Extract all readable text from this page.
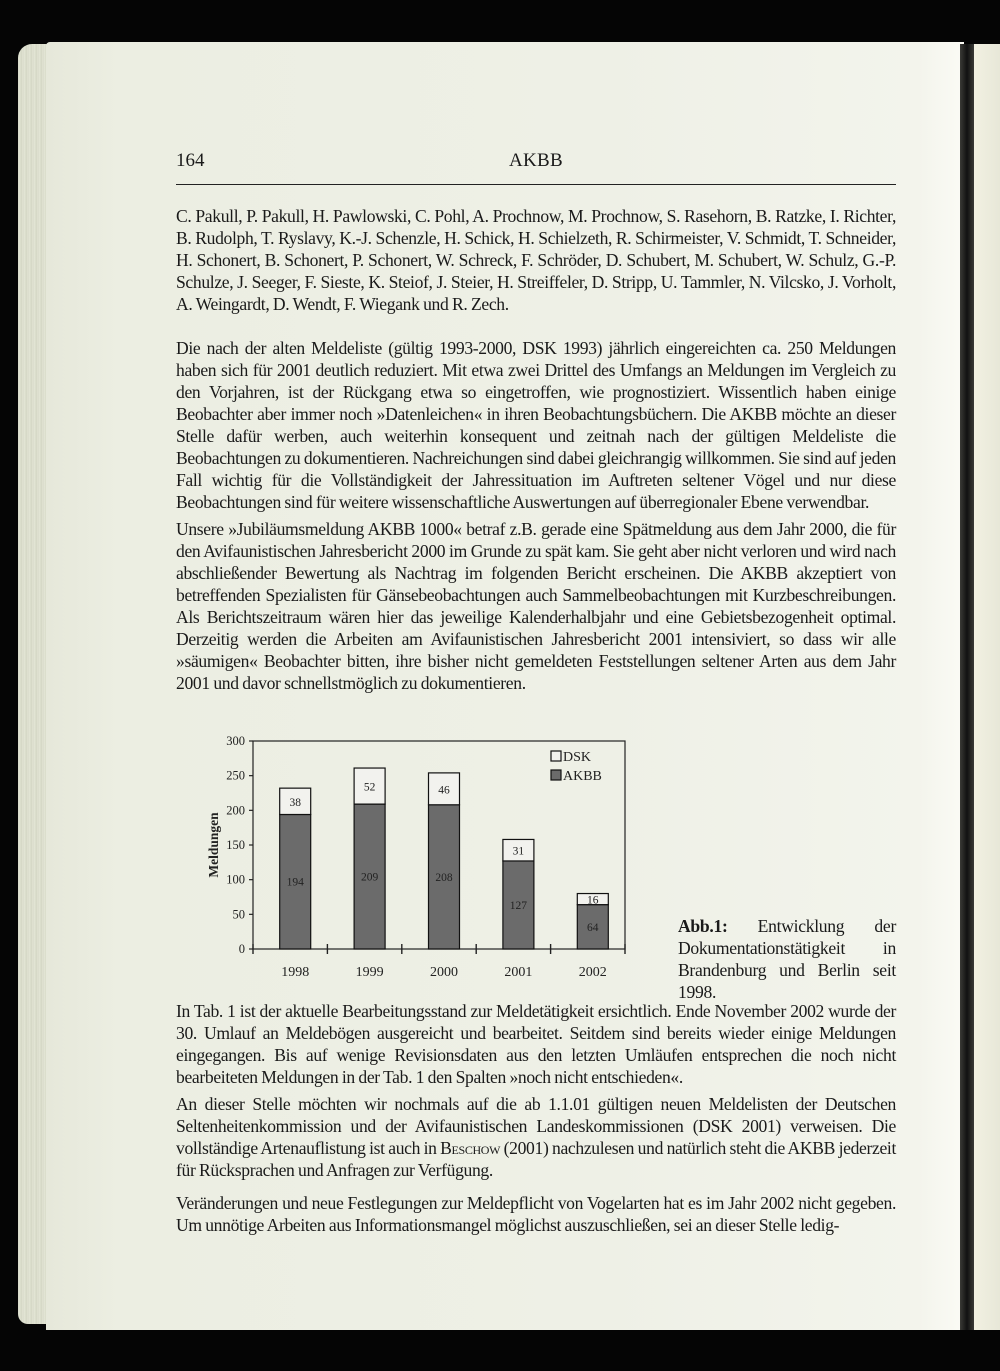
164	AKBB
C. Pakull, P. Pakull, H. Pawlowski, C. Pohl, A. Prochnow, M. Prochnow, S. Rasehorn, B. Ratzke, I. Richter, B. Rudolph, T. Ryslavy, K.-J. Schenzle, H. Schick, H. Schielzeth, R. Schirmeister, V. Schmidt, T. Schneider, H. Schonert, B. Schonert, P. Schonert, W. Schreck, F. Schröder, D. Schubert, M. Schubert, W. Schulz, G.-P. Schulze, J. Seeger, F. Sieste, K. Steiof, J. Steier, H. Streiffeler, D. Stripp, U. Tammler, N. Vilcsko, J. Vorholt, A. Weingardt, D. Wendt, F. Wiegank und R. Zech.
Die nach der alten Meldeliste (gültig 1993-2000, DSK 1993) jährlich eingereichten ca. 250 Meldungen haben sich für 2001 deutlich reduziert. Mit etwa zwei Drittel des Umfangs an Meldungen im Vergleich zu den Vorjahren, ist der Rückgang etwa so eingetroffen, wie prognostiziert. Wissentlich haben einige Beobachter aber immer noch »Datenleichen« in ihren Beobachtungsbüchern. Die AKBB möchte an dieser Stelle dafür werben, auch weiterhin konsequent und zeitnah nach der gültigen Meldeliste die Beobachtungen zu dokumentieren. Nachreichungen sind dabei gleichrangig willkommen. Sie sind auf jeden Fall wichtig für die Vollständigkeit der Jahressituation im Auftreten seltener Vögel und nur diese Beobachtungen sind für weitere wissenschaftliche Auswertungen auf überregionaler Ebene verwendbar.
Unsere »Jubiläumsmeldung AKBB 1000« betraf z.B. gerade eine Spätmeldung aus dem Jahr 2000, die für den Avifaunistischen Jahresbericht 2000 im Grunde zu spät kam. Sie geht aber nicht verloren und wird nach abschließender Bewertung als Nachtrag im folgenden Bericht erscheinen. Die AKBB akzeptiert von betreffenden Spezialisten für Gänsebeobachtungen auch Sammelbeobachtungen mit Kurzbeschreibungen. Als Berichtszeitraum wären hier das jeweilige Kalenderhalbjahr und eine Gebietsbezogenheit optimal. Derzeitig werden die Arbeiten am Avifaunistischen Jahresbericht 2001 intensiviert, so dass wir alle »säumigen« Beobachter bitten, ihre bisher nicht gemeldeten Feststellungen seltener Arten aus dem Jahr 2001 und davor schnellstmöglich zu dokumentieren.
0
50
100
150
200
250
300
Meldungen
194
38
1998
209
52
1999
208
46
2000
127
31
2001
64
16
2002
DSK
AKBB
Abb.1: Entwicklung der Dokumentationstätigkeit in Brandenburg und Berlin seit 1998.
In Tab. 1 ist der aktuelle Bearbeitungsstand zur Meldetätigkeit ersichtlich. Ende November 2002 wurde der 30. Umlauf an Meldebögen ausgereicht und bearbeitet. Seitdem sind bereits wieder einige Meldungen eingegangen. Bis auf wenige Revisionsdaten aus den letzten Umläufen entsprechen die noch nicht bearbeiteten Meldungen in der Tab. 1 den Spalten »noch nicht entschieden«.
An dieser Stelle möchten wir nochmals auf die ab 1.1.01 gültigen neuen Meldelisten der Deutschen Seltenheitenkommission und der Avifaunistischen Landeskommissionen (DSK 2001) verweisen. Die vollständige Artenauflistung ist auch in Beschow (2001) nachzulesen und natürlich steht die AKBB jederzeit für Rücksprachen und Anfragen zur Verfügung.
Veränderungen und neue Festlegungen zur Meldepflicht von Vogelarten hat es im Jahr 2002 nicht gegeben. Um unnötige Arbeiten aus Informationsmangel möglichst auszuschließen, sei an dieser Stelle ledig-
